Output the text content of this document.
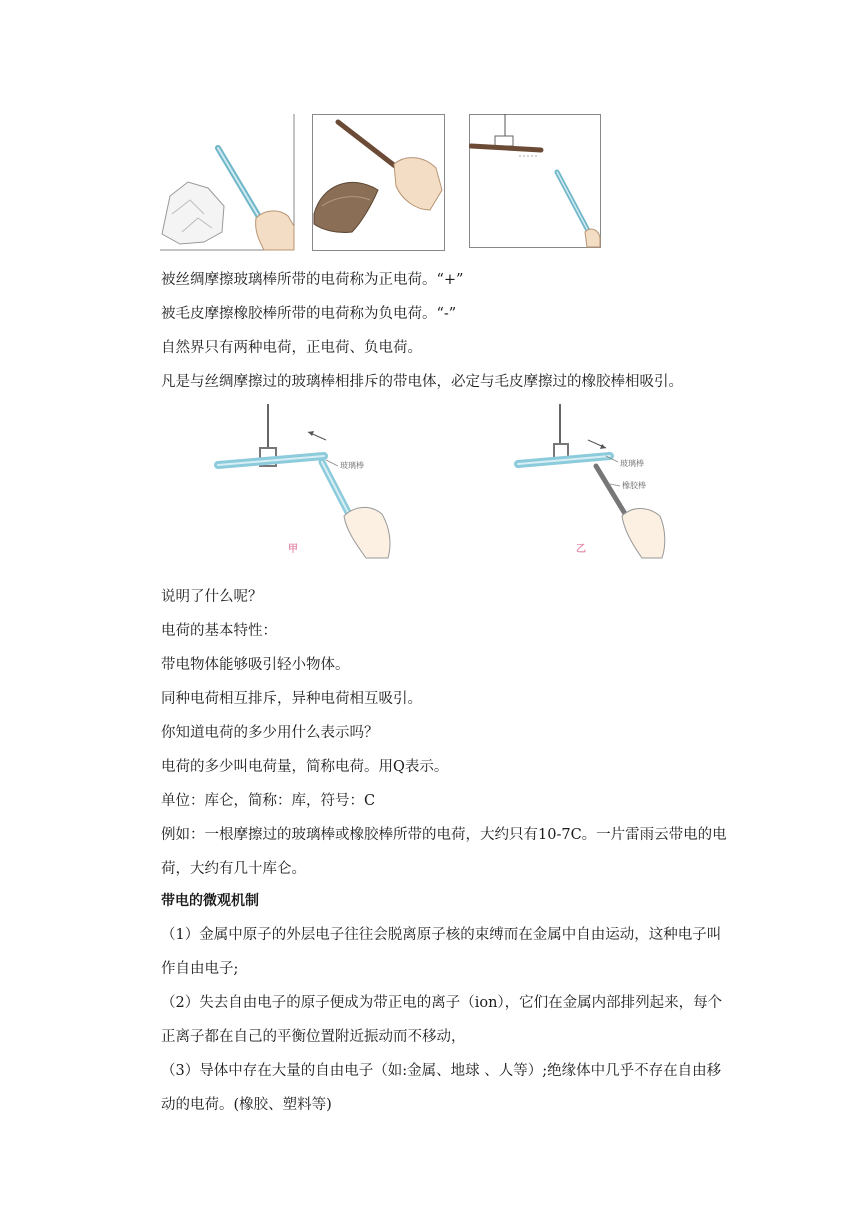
被丝绸摩擦玻璃棒所带的电荷称为正电荷。“+”
被毛皮摩擦橡胶棒所带的电荷称为负电荷。“-”
自然界只有两种电荷，正电荷、负电荷。
凡是与丝绸摩擦过的玻璃棒相排斥的带电体，必定与毛皮摩擦过的橡胶棒相吸引。
玻璃棒
甲
玻璃棒
橡胶棒
乙
说明了什么呢？
电荷的基本特性：
带电物体能够吸引轻小物体。
同种电荷相互排斥，异种电荷相互吸引。
你知道电荷的多少用什么表示吗？
电荷的多少叫电荷量，简称电荷。用Q表示。
单位：库仑，简称：库，符号：C
例如：一根摩擦过的玻璃棒或橡胶棒所带的电荷，大约只有10-7C。一片雷雨云带电的电荷，大约有几十库仑。
带电的微观机制
（1）金属中原子的外层电子往往会脱离原子核的束缚而在金属中自由运动，这种电子叫作自由电子;
（2）失去自由电子的原子便成为带正电的离子（ion），它们在金属内部排列起来，每个正离子都在自己的平衡位置附近振动而不移动，
（3）导体中存在大量的自由电子（如:金属、地球 、人等）;绝缘体中几乎不存在自由移动的电荷。(橡胶、塑料等)
